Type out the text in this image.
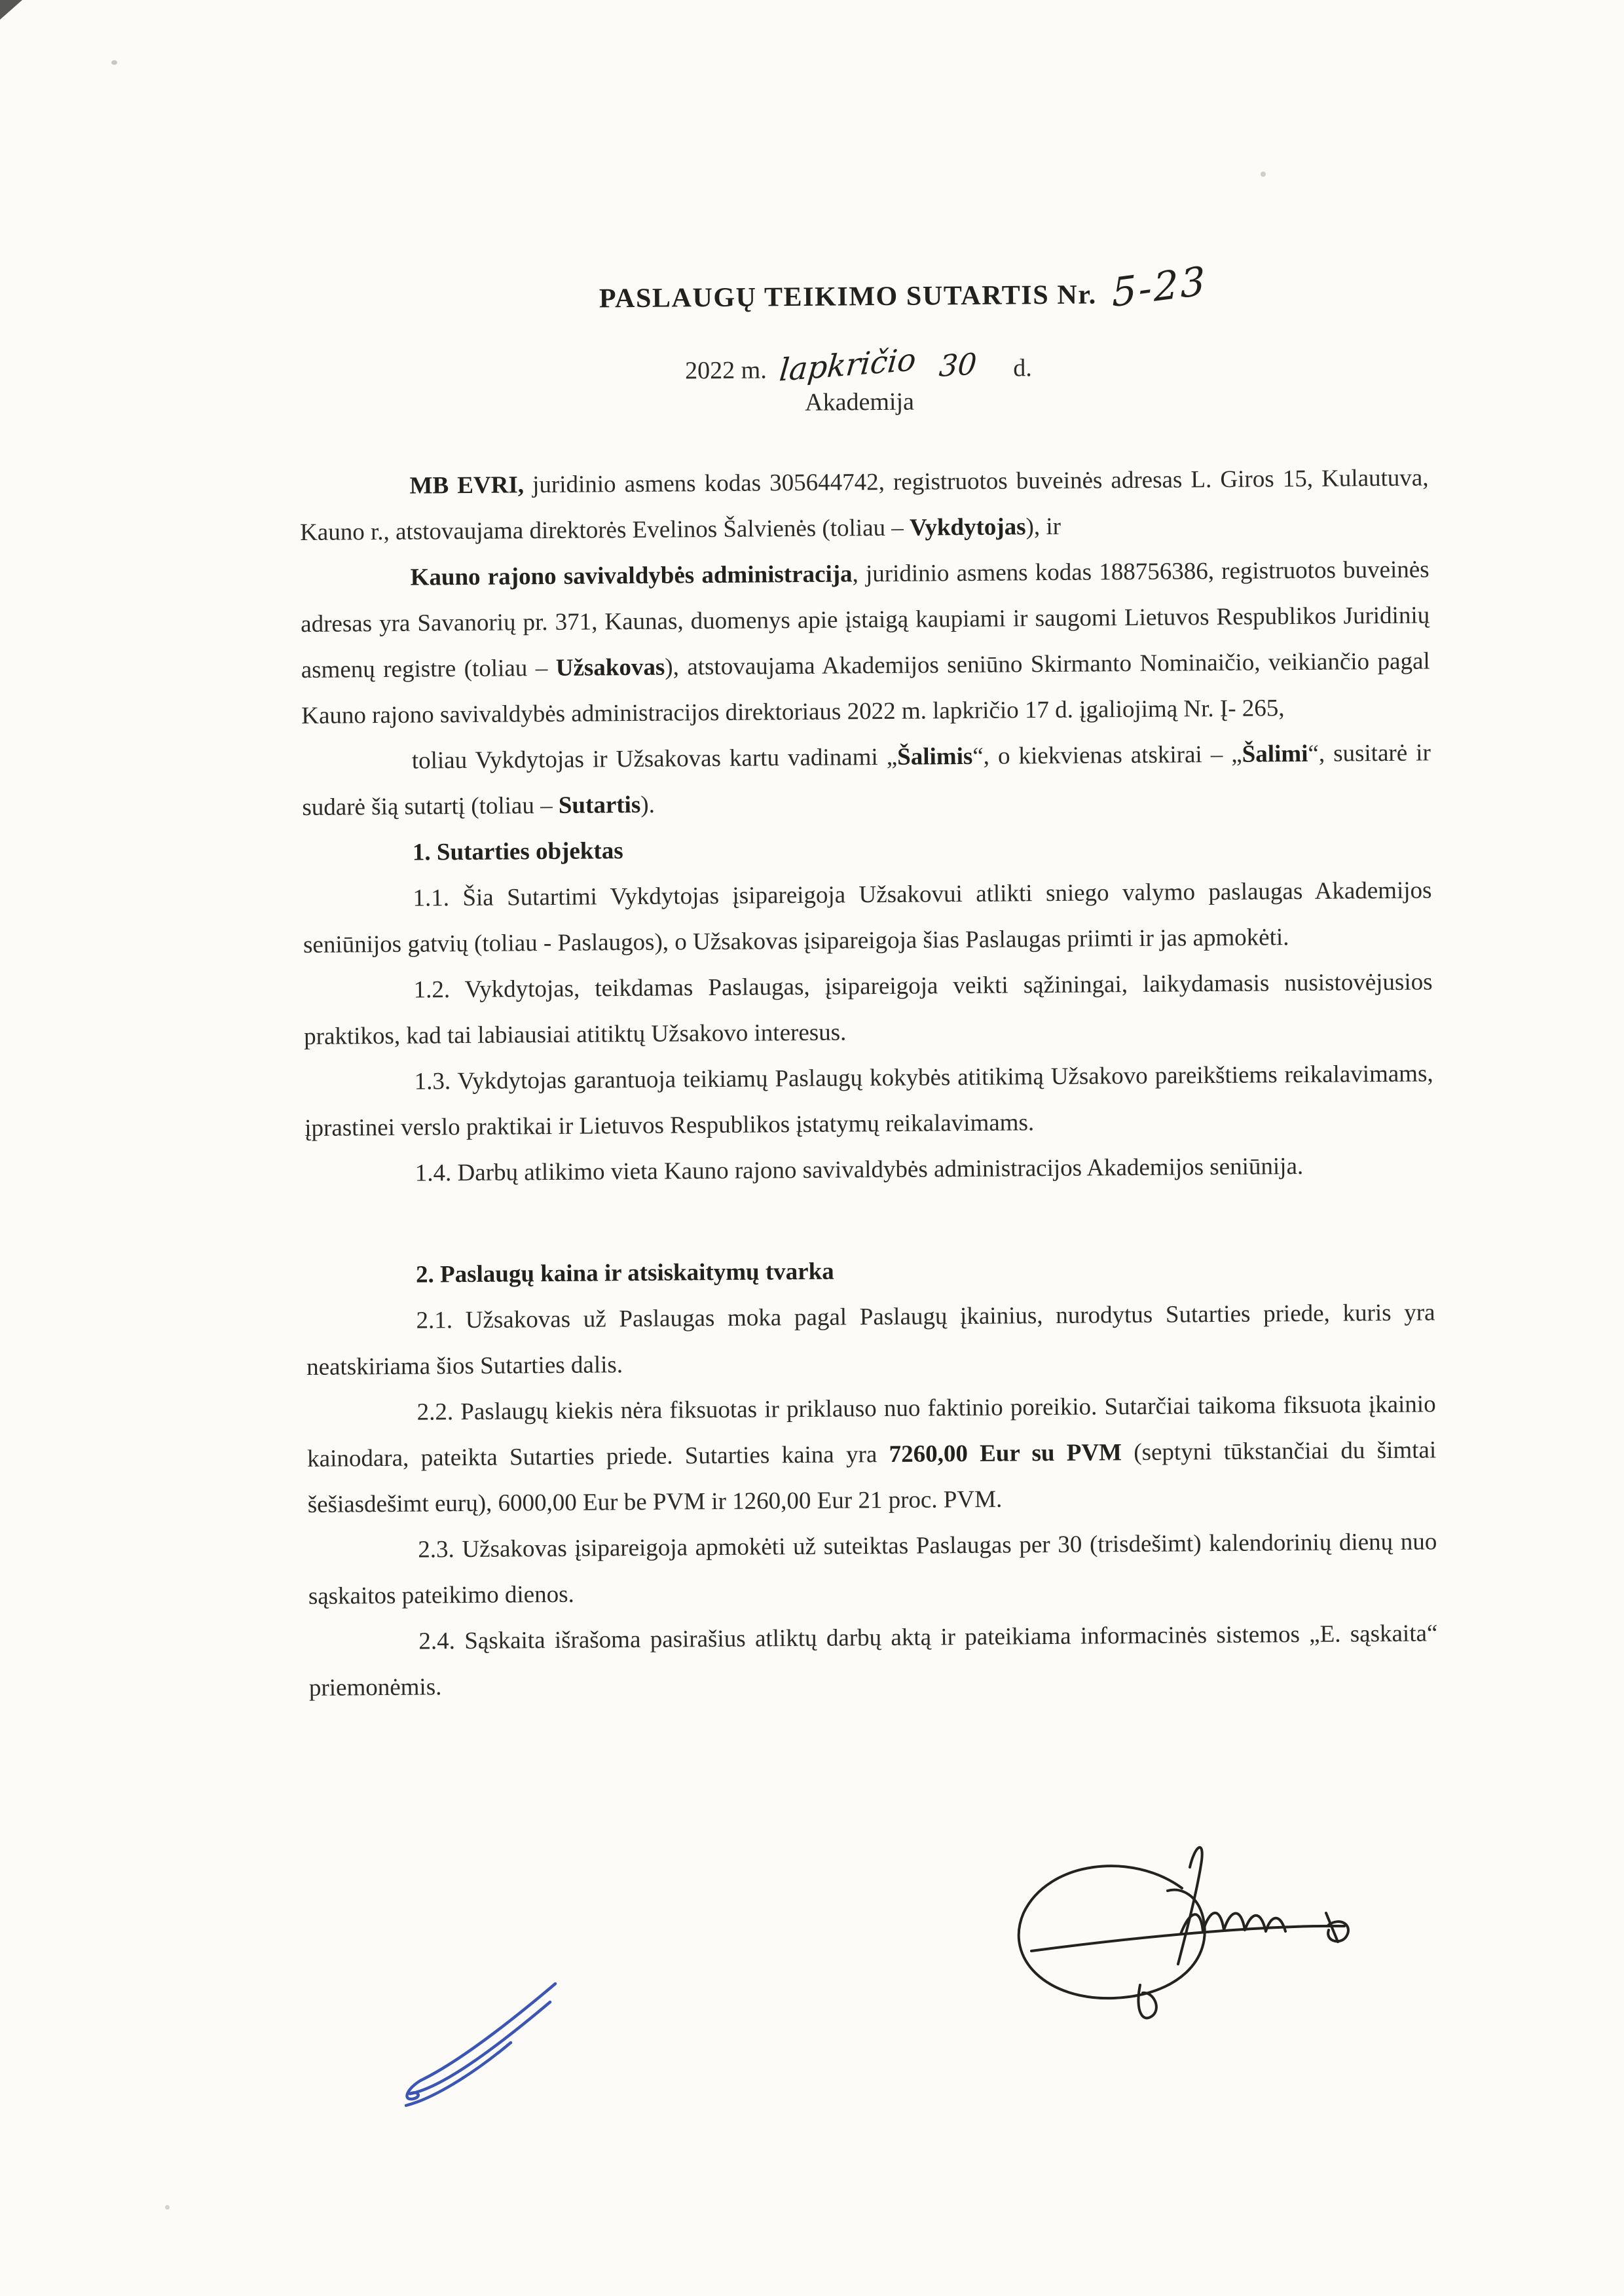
PASLAUGŲ TEIKIMO SUTARTIS Nr. 5-23
2022 m. lapkričio 30 d.
Akademija

MB EVRI, juridinio asmens kodas 305644742, registruotos buveinės adresas L. Giros 15, Kulautuva, Kauno r., atstovaujama direktorės Evelinos Šalvienės (toliau – Vykdytojas), ir

Kauno rajono savivaldybės administracija, juridinio asmens kodas 188756386, registruotos buveinės adresas yra Savanorių pr. 371, Kaunas, duomenys apie įstaigą kaupiami ir saugomi Lietuvos Respublikos Juridinių asmenų registre (toliau – Užsakovas), atstovaujama Akademijos seniūno Skirmanto Nominaičio, veikiančio pagal Kauno rajono savivaldybės administracijos direktoriaus 2022 m. lapkričio 17 d. įgaliojimą Nr. Į- 265,

toliau Vykdytojas ir Užsakovas kartu vadinami „Šalimis“, o kiekvienas atskirai – „Šalimi“, susitarė ir sudarė šią sutartį (toliau – Sutartis).

1. Sutarties objektas

1.1. Šia Sutartimi Vykdytojas įsipareigoja Užsakovui atlikti sniego valymo paslaugas Akademijos seniūnijos gatvių (toliau - Paslaugos), o Užsakovas įsipareigoja šias Paslaugas priimti ir jas apmokėti.

1.2. Vykdytojas, teikdamas Paslaugas, įsipareigoja veikti sąžiningai, laikydamasis nusistovėjusios praktikos, kad tai labiausiai atitiktų Užsakovo interesus.

1.3. Vykdytojas garantuoja teikiamų Paslaugų kokybės atitikimą Užsakovo pareikštiems reikalavimams, įprastinei verslo praktikai ir Lietuvos Respublikos įstatymų reikalavimams.

1.4. Darbų atlikimo vieta Kauno rajono savivaldybės administracijos Akademijos seniūnija.

2. Paslaugų kaina ir atsiskaitymų tvarka

2.1. Užsakovas už Paslaugas moka pagal Paslaugų įkainius, nurodytus Sutarties priede, kuris yra neatskiriama šios Sutarties dalis.

2.2. Paslaugų kiekis nėra fiksuotas ir priklauso nuo faktinio poreikio. Sutarčiai taikoma fiksuota įkainio kainodara, pateikta Sutarties priede. Sutarties kaina yra 7260,00 Eur su PVM (septyni tūkstančiai du šimtai šešiasdešimt eurų), 6000,00 Eur be PVM ir 1260,00 Eur 21 proc. PVM.

2.3. Užsakovas įsipareigoja apmokėti už suteiktas Paslaugas per 30 (trisdešimt) kalendorinių dienų nuo sąskaitos pateikimo dienos.

2.4. Sąskaita išrašoma pasirašius atliktų darbų aktą ir pateikiama informacinės sistemos „E. sąskaita“ priemonėmis.
